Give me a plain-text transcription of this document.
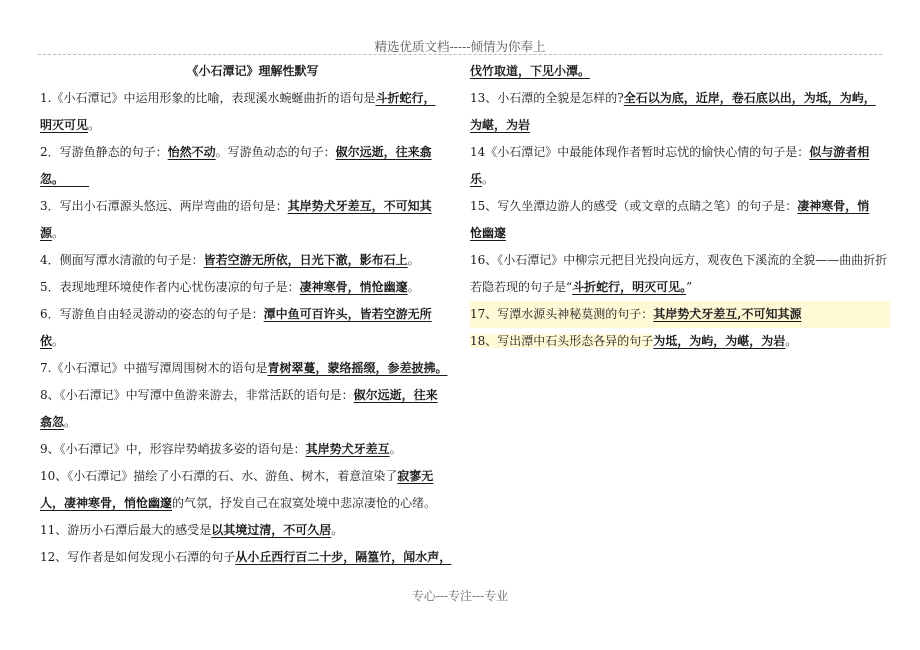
精选优质文档-----倾情为你奉上

《小石潭记》理解性默写

1.《小石潭记》中运用形象的比喻，表现溪水蜿蜒曲折的语句是斗折蛇行，
明灭可见。

2．写游鱼静态的句子：怡然不动。写游鱼动态的句子：俶尔远逝，往来翕
忽。

3．写出小石潭源头悠远、两岸弯曲的语句是：其岸势犬牙差互，不可知其
源。

4．侧面写潭水清澈的句子是：皆若空游无所依，日光下澈，影布石上。

5．表现地理环境使作者内心忧伤凄凉的句子是：凄神寒骨，悄怆幽邃。

6．写游鱼自由轻灵游动的姿态的句子是：潭中鱼可百许头，皆若空游无所
依。

7.《小石潭记》中描写潭周围树木的语句是青树翠蔓，蒙络摇缀，参差披拂。

8、《小石潭记》中写潭中鱼游来游去，非常活跃的语句是：俶尔远逝，往来
翕忽。

9、《小石潭记》中，形容岸势峭拔多姿的语句是：其岸势犬牙差互。

10、《小石潭记》描绘了小石潭的石、水、游鱼、树木，着意渲染了寂寥无
人，凄神寒骨，悄怆幽邃的气氛，抒发自己在寂寞处境中悲凉凄怆的心绪。

11、游历小石潭后最大的感受是以其境过清，不可久居。

12、写作者是如何发现小石潭的句子从小丘西行百二十步，隔篁竹，闻水声，

伐竹取道，下见小潭。

13、小石潭的全貌是怎样的?全石以为底，近岸，卷石底以出，为坻，为屿，
为嵁，为岩

14《小石潭记》中最能体现作者暂时忘忧的愉快心情的句子是：似与游者相
乐。

15、写久坐潭边游人的感受（或文章的点睛之笔）的句子是：凄神寒骨，悄
怆幽邃

16、《小石潭记》中柳宗元把目光投向远方，观夜色下溪流的全貌——曲曲折折若隐若现的句子是“斗折蛇行，明灭可见。”

17、写潭水源头神秘莫测的句子：其岸势犬牙差互,不可知其源

18、写出潭中石头形态各异的句子为坻，为屿，为嵁，为岩。

专心---专注---专业
